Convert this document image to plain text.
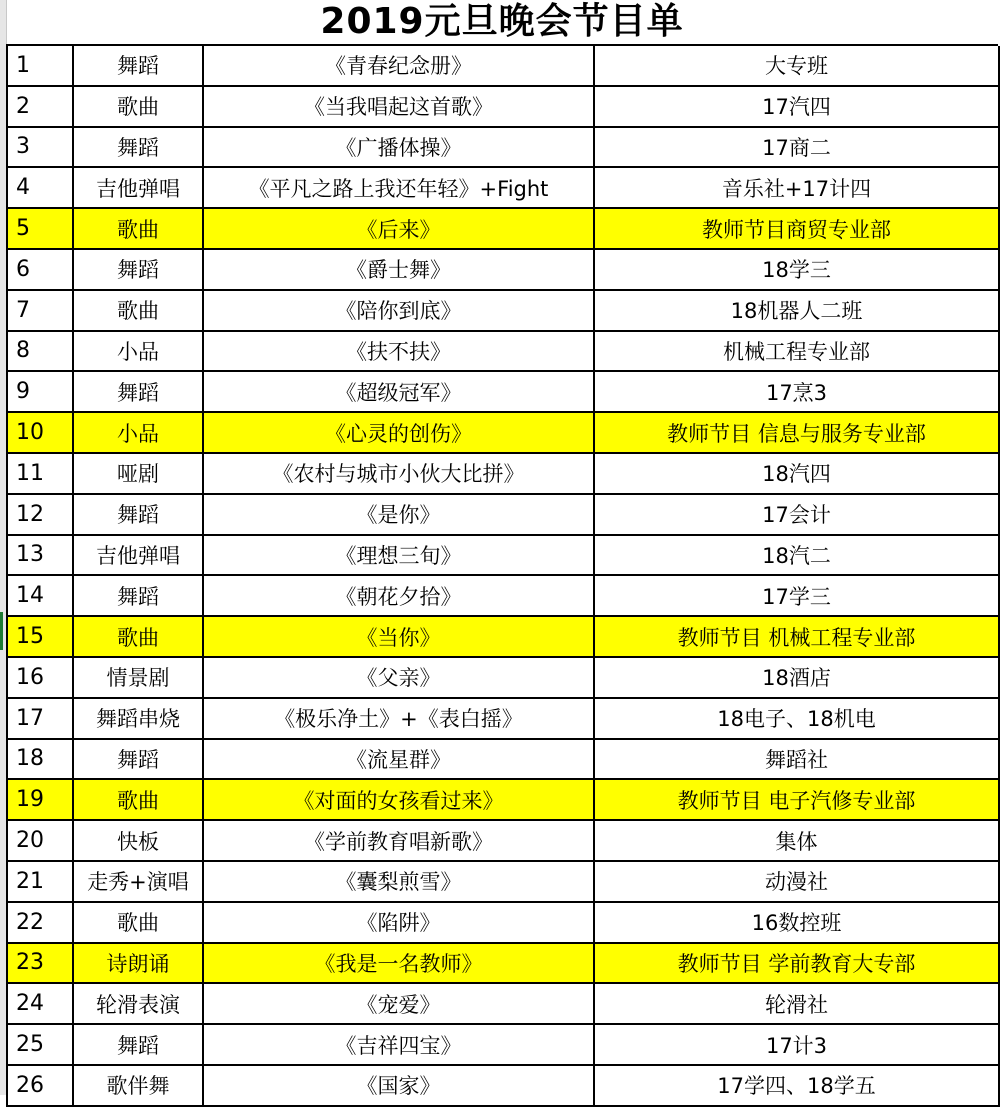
2019元旦晚会节目单
1	舞蹈	《青春纪念册》	大专班
2	歌曲	《当我唱起这首歌》	17汽四
3	舞蹈	《广播体操》	17商二
4	吉他弹唱	《平凡之路上我还年轻》+Fight	音乐社+17计四
5	歌曲	《后来》	教师节目商贸专业部
6	舞蹈	《爵士舞》	18学三
7	歌曲	《陪你到底》	18机器人二班
8	小品	《扶不扶》	机械工程专业部
9	舞蹈	《超级冠军》	17烹3
10	小品	《心灵的创伤》	教师节目 信息与服务专业部
11	哑剧	《农村与城市小伙大比拼》	18汽四
12	舞蹈	《是你》	17会计
13	吉他弹唱	《理想三旬》	18汽二
14	舞蹈	《朝花夕拾》	17学三
15	歌曲	《当你》	教师节目 机械工程专业部
16	情景剧	《父亲》	18酒店
17	舞蹈串烧	《极乐净土》+《表白摇》	18电子、18机电
18	舞蹈	《流星群》	舞蹈社
19	歌曲	《对面的女孩看过来》	教师节目 电子汽修专业部
20	快板	《学前教育唱新歌》	集体
21	走秀+演唱	《囊梨煎雪》	动漫社
22	歌曲	《陷阱》	16数控班
23	诗朗诵	《我是一名教师》	教师节目 学前教育大专部
24	轮滑表演	《宠爱》	轮滑社
25	舞蹈	《吉祥四宝》	17计3
26	歌伴舞	《国家》	17学四、18学五
